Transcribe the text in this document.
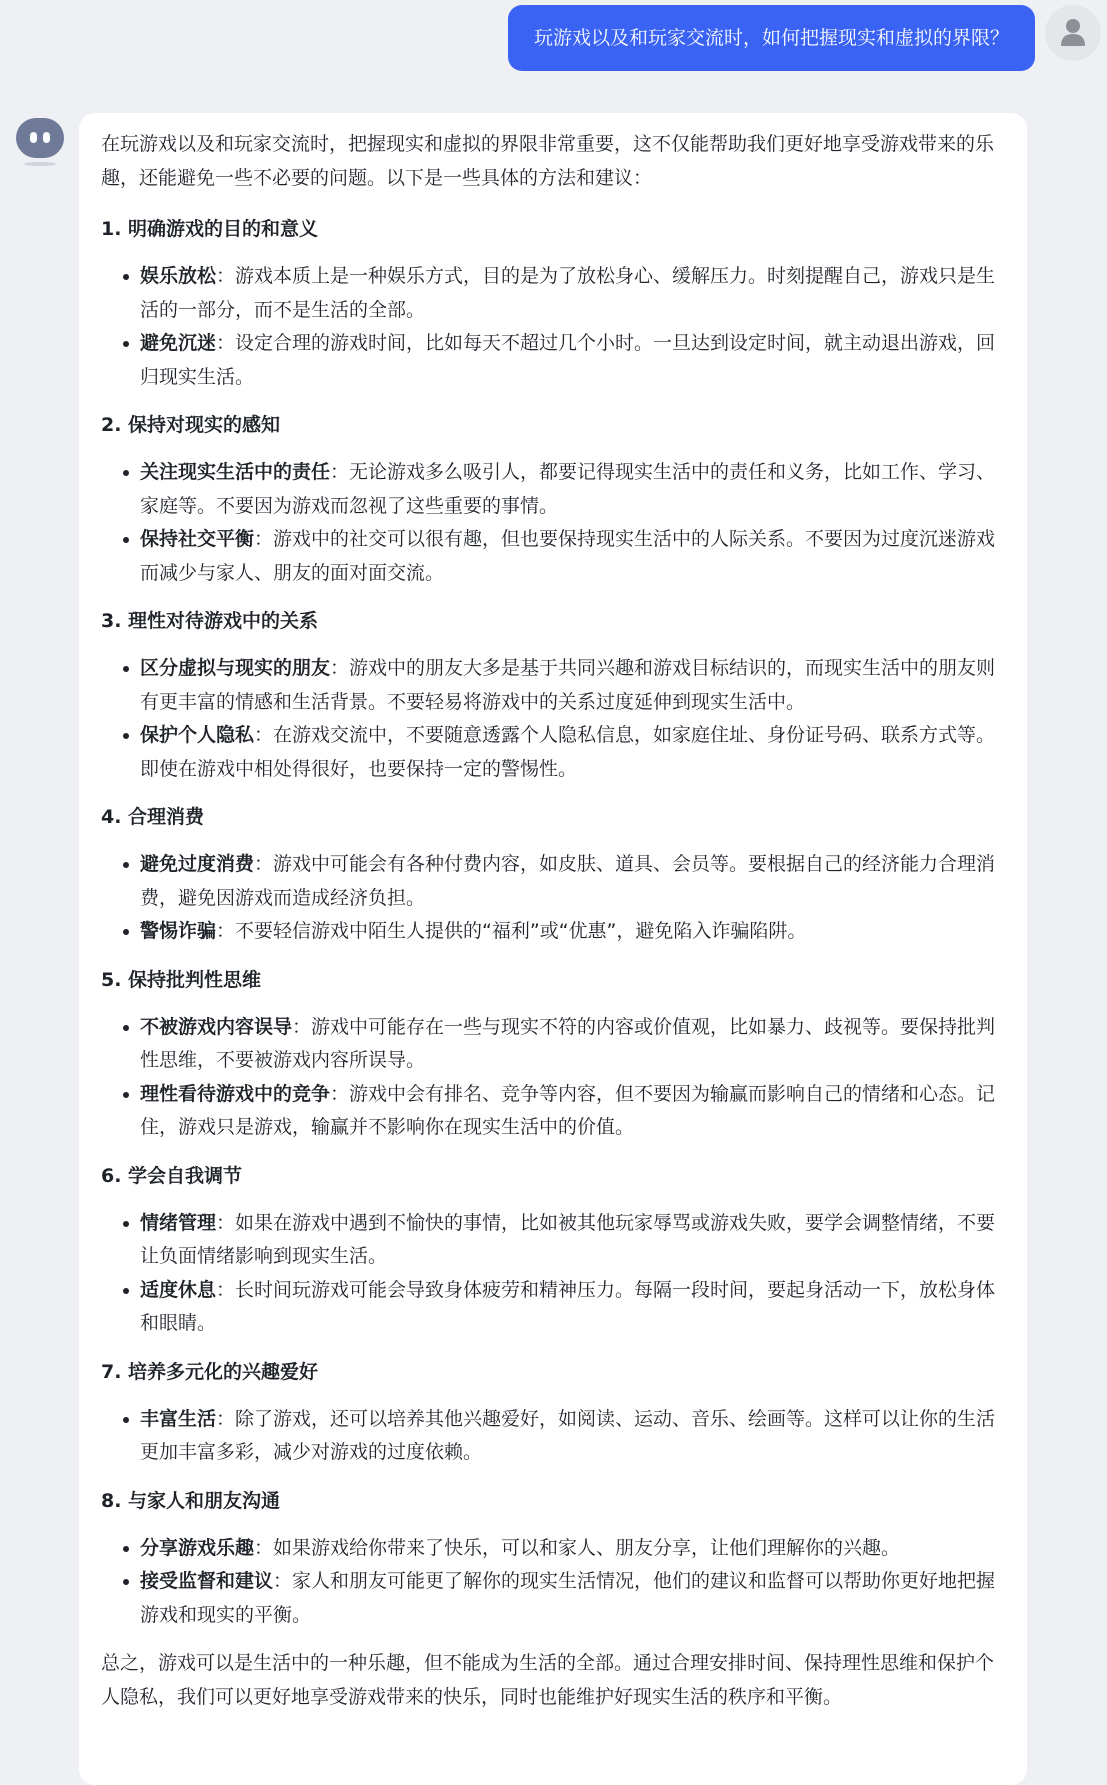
玩游戏以及和玩家交流时，如何把握现实和虚拟的界限？

在玩游戏以及和玩家交流时，把握现实和虚拟的界限非常重要，这不仅能帮助我们更好地享受游戏带来的乐趣，还能避免一些不必要的问题。以下是一些具体的方法和建议：

1. 明确游戏的目的和意义
娱乐放松：游戏本质上是一种娱乐方式，目的是为了放松身心、缓解压力。时刻提醒自己，游戏只是生活的一部分，而不是生活的全部。
避免沉迷：设定合理的游戏时间，比如每天不超过几个小时。一旦达到设定时间，就主动退出游戏，回归现实生活。
2. 保持对现实的感知
关注现实生活中的责任：无论游戏多么吸引人，都要记得现实生活中的责任和义务，比如工作、学习、家庭等。不要因为游戏而忽视了这些重要的事情。
保持社交平衡：游戏中的社交可以很有趣，但也要保持现实生活中的人际关系。不要因为过度沉迷游戏而减少与家人、朋友的面对面交流。
3. 理性对待游戏中的关系
区分虚拟与现实的朋友：游戏中的朋友大多是基于共同兴趣和游戏目标结识的，而现实生活中的朋友则有更丰富的情感和生活背景。不要轻易将游戏中的关系过度延伸到现实生活中。
保护个人隐私：在游戏交流中，不要随意透露个人隐私信息，如家庭住址、身份证号码、联系方式等。即使在游戏中相处得很好，也要保持一定的警惕性。
4. 合理消费
避免过度消费：游戏中可能会有各种付费内容，如皮肤、道具、会员等。要根据自己的经济能力合理消费，避免因游戏而造成经济负担。
警惕诈骗：不要轻信游戏中陌生人提供的“福利”或“优惠”，避免陷入诈骗陷阱。
5. 保持批判性思维
不被游戏内容误导：游戏中可能存在一些与现实不符的内容或价值观，比如暴力、歧视等。要保持批判性思维，不要被游戏内容所误导。
理性看待游戏中的竞争：游戏中会有排名、竞争等内容，但不要因为输赢而影响自己的情绪和心态。记住，游戏只是游戏，输赢并不影响你在现实生活中的价值。
6. 学会自我调节
情绪管理：如果在游戏中遇到不愉快的事情，比如被其他玩家辱骂或游戏失败，要学会调整情绪，不要让负面情绪影响到现实生活。
适度休息：长时间玩游戏可能会导致身体疲劳和精神压力。每隔一段时间，要起身活动一下，放松身体和眼睛。
7. 培养多元化的兴趣爱好
丰富生活：除了游戏，还可以培养其他兴趣爱好，如阅读、运动、音乐、绘画等。这样可以让你的生活更加丰富多彩，减少对游戏的过度依赖。
8. 与家人和朋友沟通
分享游戏乐趣：如果游戏给你带来了快乐，可以和家人、朋友分享，让他们理解你的兴趣。
接受监督和建议：家人和朋友可能更了解你的现实生活情况，他们的建议和监督可以帮助你更好地把握游戏和现实的平衡。

总之，游戏可以是生活中的一种乐趣，但不能成为生活的全部。通过合理安排时间、保持理性思维和保护个人隐私，我们可以更好地享受游戏带来的快乐，同时也能维护好现实生活的秩序和平衡。
